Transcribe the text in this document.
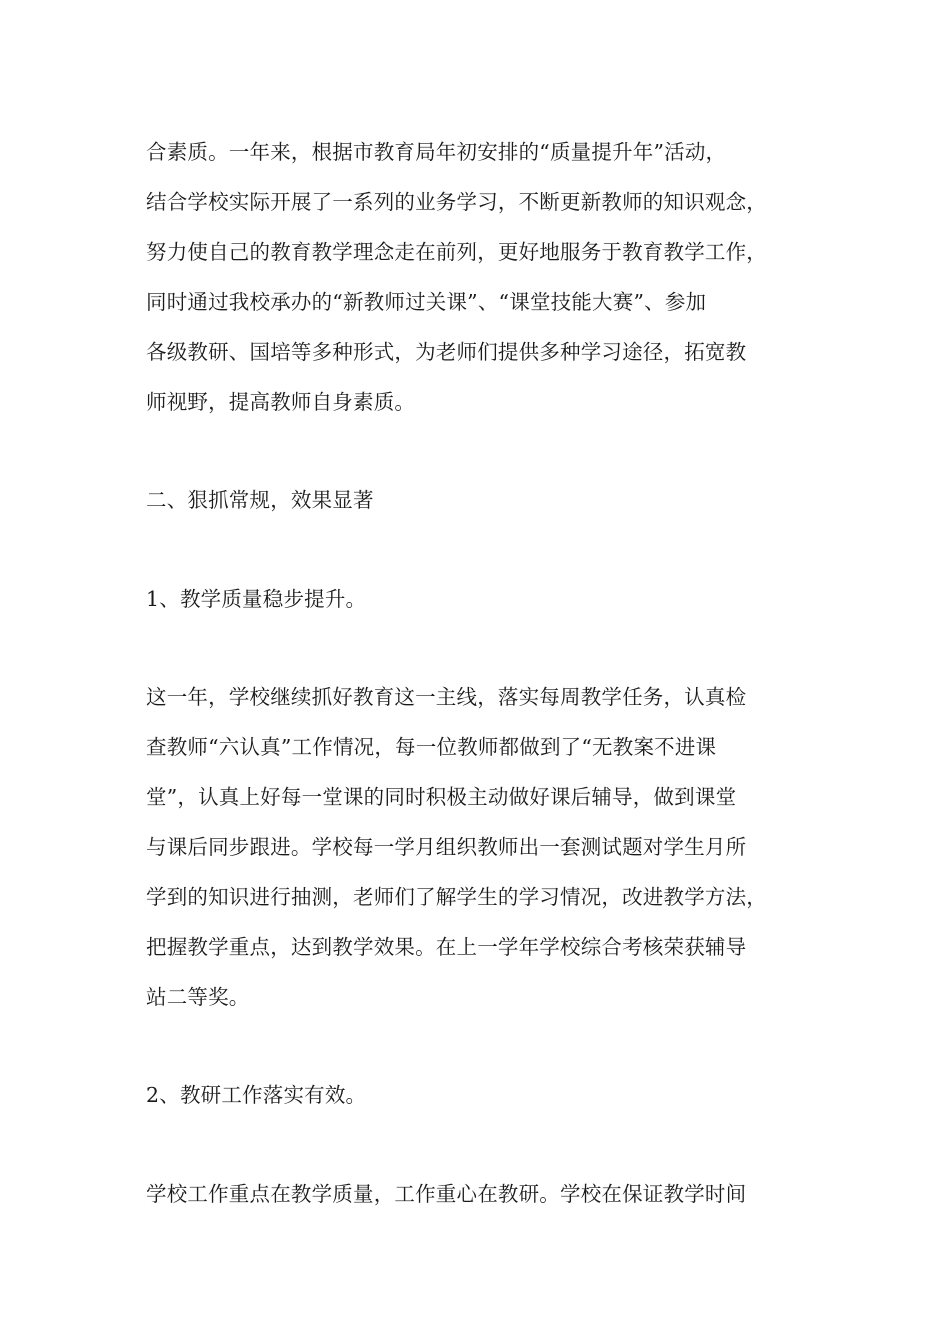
合素质。一年来，根据市教育局年初安排的“质量提升年”活动，
结合学校实际开展了一系列的业务学习，不断更新教师的知识观念，
努力使自己的教育教学理念走在前列，更好地服务于教育教学工作，
同时通过我校承办的“新教师过关课”、“课堂技能大赛”、参加
各级教研、国培等多种形式，为老师们提供多种学习途径，拓宽教
师视野，提高教师自身素质。
二、狠抓常规，效果显著
1、教学质量稳步提升。
这一年，学校继续抓好教育这一主线，落实每周教学任务，认真检
查教师“六认真”工作情况，每一位教师都做到了“无教案不进课
堂”，认真上好每一堂课的同时积极主动做好课后辅导，做到课堂
与课后同步跟进。学校每一学月组织教师出一套测试题对学生月所
学到的知识进行抽测，老师们了解学生的学习情况，改进教学方法，
把握教学重点，达到教学效果。在上一学年学校综合考核荣获辅导
站二等奖。
2、教研工作落实有效。
学校工作重点在教学质量，工作重心在教研。学校在保证教学时间
